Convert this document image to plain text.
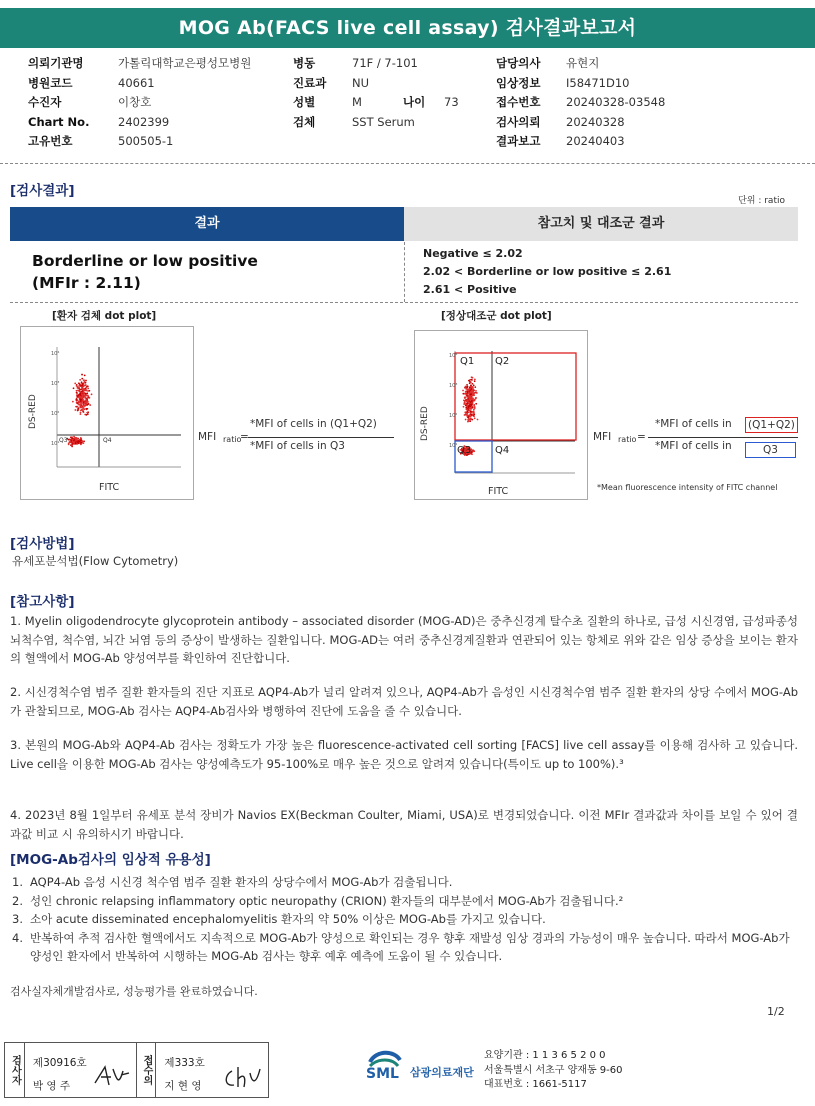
MOG Ab(FACS live cell assay) 검사결과보고서
의뢰기관명	가톨릭대학교은평성모병원
병원코드	40661
수진자	이창호
Chart No.	2402399
고유번호	500505-1
병동	71F / 7-101
진료과	NU
성별	M	나이	73
검체	SST Serum
담당의사	유현지
임상정보	I58471D10
접수번호	20240328-03548
검사의뢰	20240328
결과보고	20240403
[검사결과]
단위 : ratio
결과	참고치 및 대조군 결과
Borderline or low positive
(MFIr : 2.11)
Negative ≤ 2.02
2.02 < Borderline or low positive ≤ 2.61
2.61 < Positive
[환자 검체 dot plot]	[정상대조군 dot plot]
10⁴
10³
10²
10¹ Q3	Q4
DS-RED
FITC
MFI ratio
=
*MFI of cells in (Q1+Q2)
*MFI of cells in Q3
10⁴
10³
10²
10¹
Q1 Q2
Q3 Q4
DS-RED
FITC
MFI ratio =
*MFI of cells in (Q1+Q2)
*MFI of cells in	Q3
*Mean fluorescence intensity of FITC channel
[검사방법]
유세포분석법(Flow Cytometry)
[참고사항]
1. Myelin oligodendrocyte glycoprotein antibody – associated disorder (MOG-AD)은 중추신경계 탈수초 질환의 하나로, 급성 시신경염, 급성파종성 뇌척수염, 척수염, 뇌간 뇌염 등의 증상이 발생하는 질환입니다. MOG-AD는 여러 중추신경계질환과 연관되어 있는 항체로 위와 같은 임상 증상을 보이는 환자의 혈액에서 MOG-Ab 양성여부를 확인하여 진단합니다.
2. 시신경척수염 범주 질환 환자들의 진단 지표로 AQP4-Ab가 널리 알려져 있으나, AQP4-Ab가 음성인 시신경척수염 범주 질환 환자의 상당 수에서 MOG-Ab가 관찰되므로, MOG-Ab 검사는 AQP4-Ab검사와 병행하여 진단에 도움을 줄 수 있습니다.
3. 본원의 MOG-Ab와 AQP4-Ab 검사는 정확도가 가장 높은 fluorescence-activated cell sorting [FACS] live cell assay를 이용해 검사하 고 있습니다. Live cell을 이용한 MOG-Ab 검사는 양성예측도가 95-100%로 매우 높은 것으로 알려져 있습니다(특이도 up to 100%).³
4. 2023년 8월 1일부터 유세포 분석 장비가 Navios EX(Beckman Coulter, Miami, USA)로 변경되었습니다. 이전 MFIr 결과값과 차이를 보일 수 있어 결과값 비교 시 유의하시기 바랍니다.
[MOG-Ab검사의 임상적 유용성]
1. AQP4-Ab 음성 시신경 척수염 범주 질환 환자의 상당수에서 MOG-Ab가 검출됩니다.
2. 성인 chronic relapsing inflammatory optic neuropathy (CRION) 환자들의 대부분에서 MOG-Ab가 검출됩니다.²
3. 소아 acute disseminated encephalomyelitis 환자의 약 50% 이상은 MOG-Ab를 가지고 있습니다.
4. 반복하여 추적 검사한 혈액에서도 지속적으로 MOG-Ab가 양성으로 확인되는 경우 향후 재발성 임상 경과의 가능성이 매우 높습니다. 따라서 MOG-Ab가 양성인 환자에서 반복하여 시행하는 MOG-Ab 검사는 향후 예후 예측에 도움이 될 수 있습니다.
검사실자체개발검사로, 성능평가를 완료하였습니다.
1/2
검사자	제30916호
박 영 주
접수의	제333호
지 현 영
SML 삼광의료재단
요양기관 : 1 1 3 6 5 2 0 0
서울특별시 서초구 양재동 9-60
대표번호 : 1661-5117
